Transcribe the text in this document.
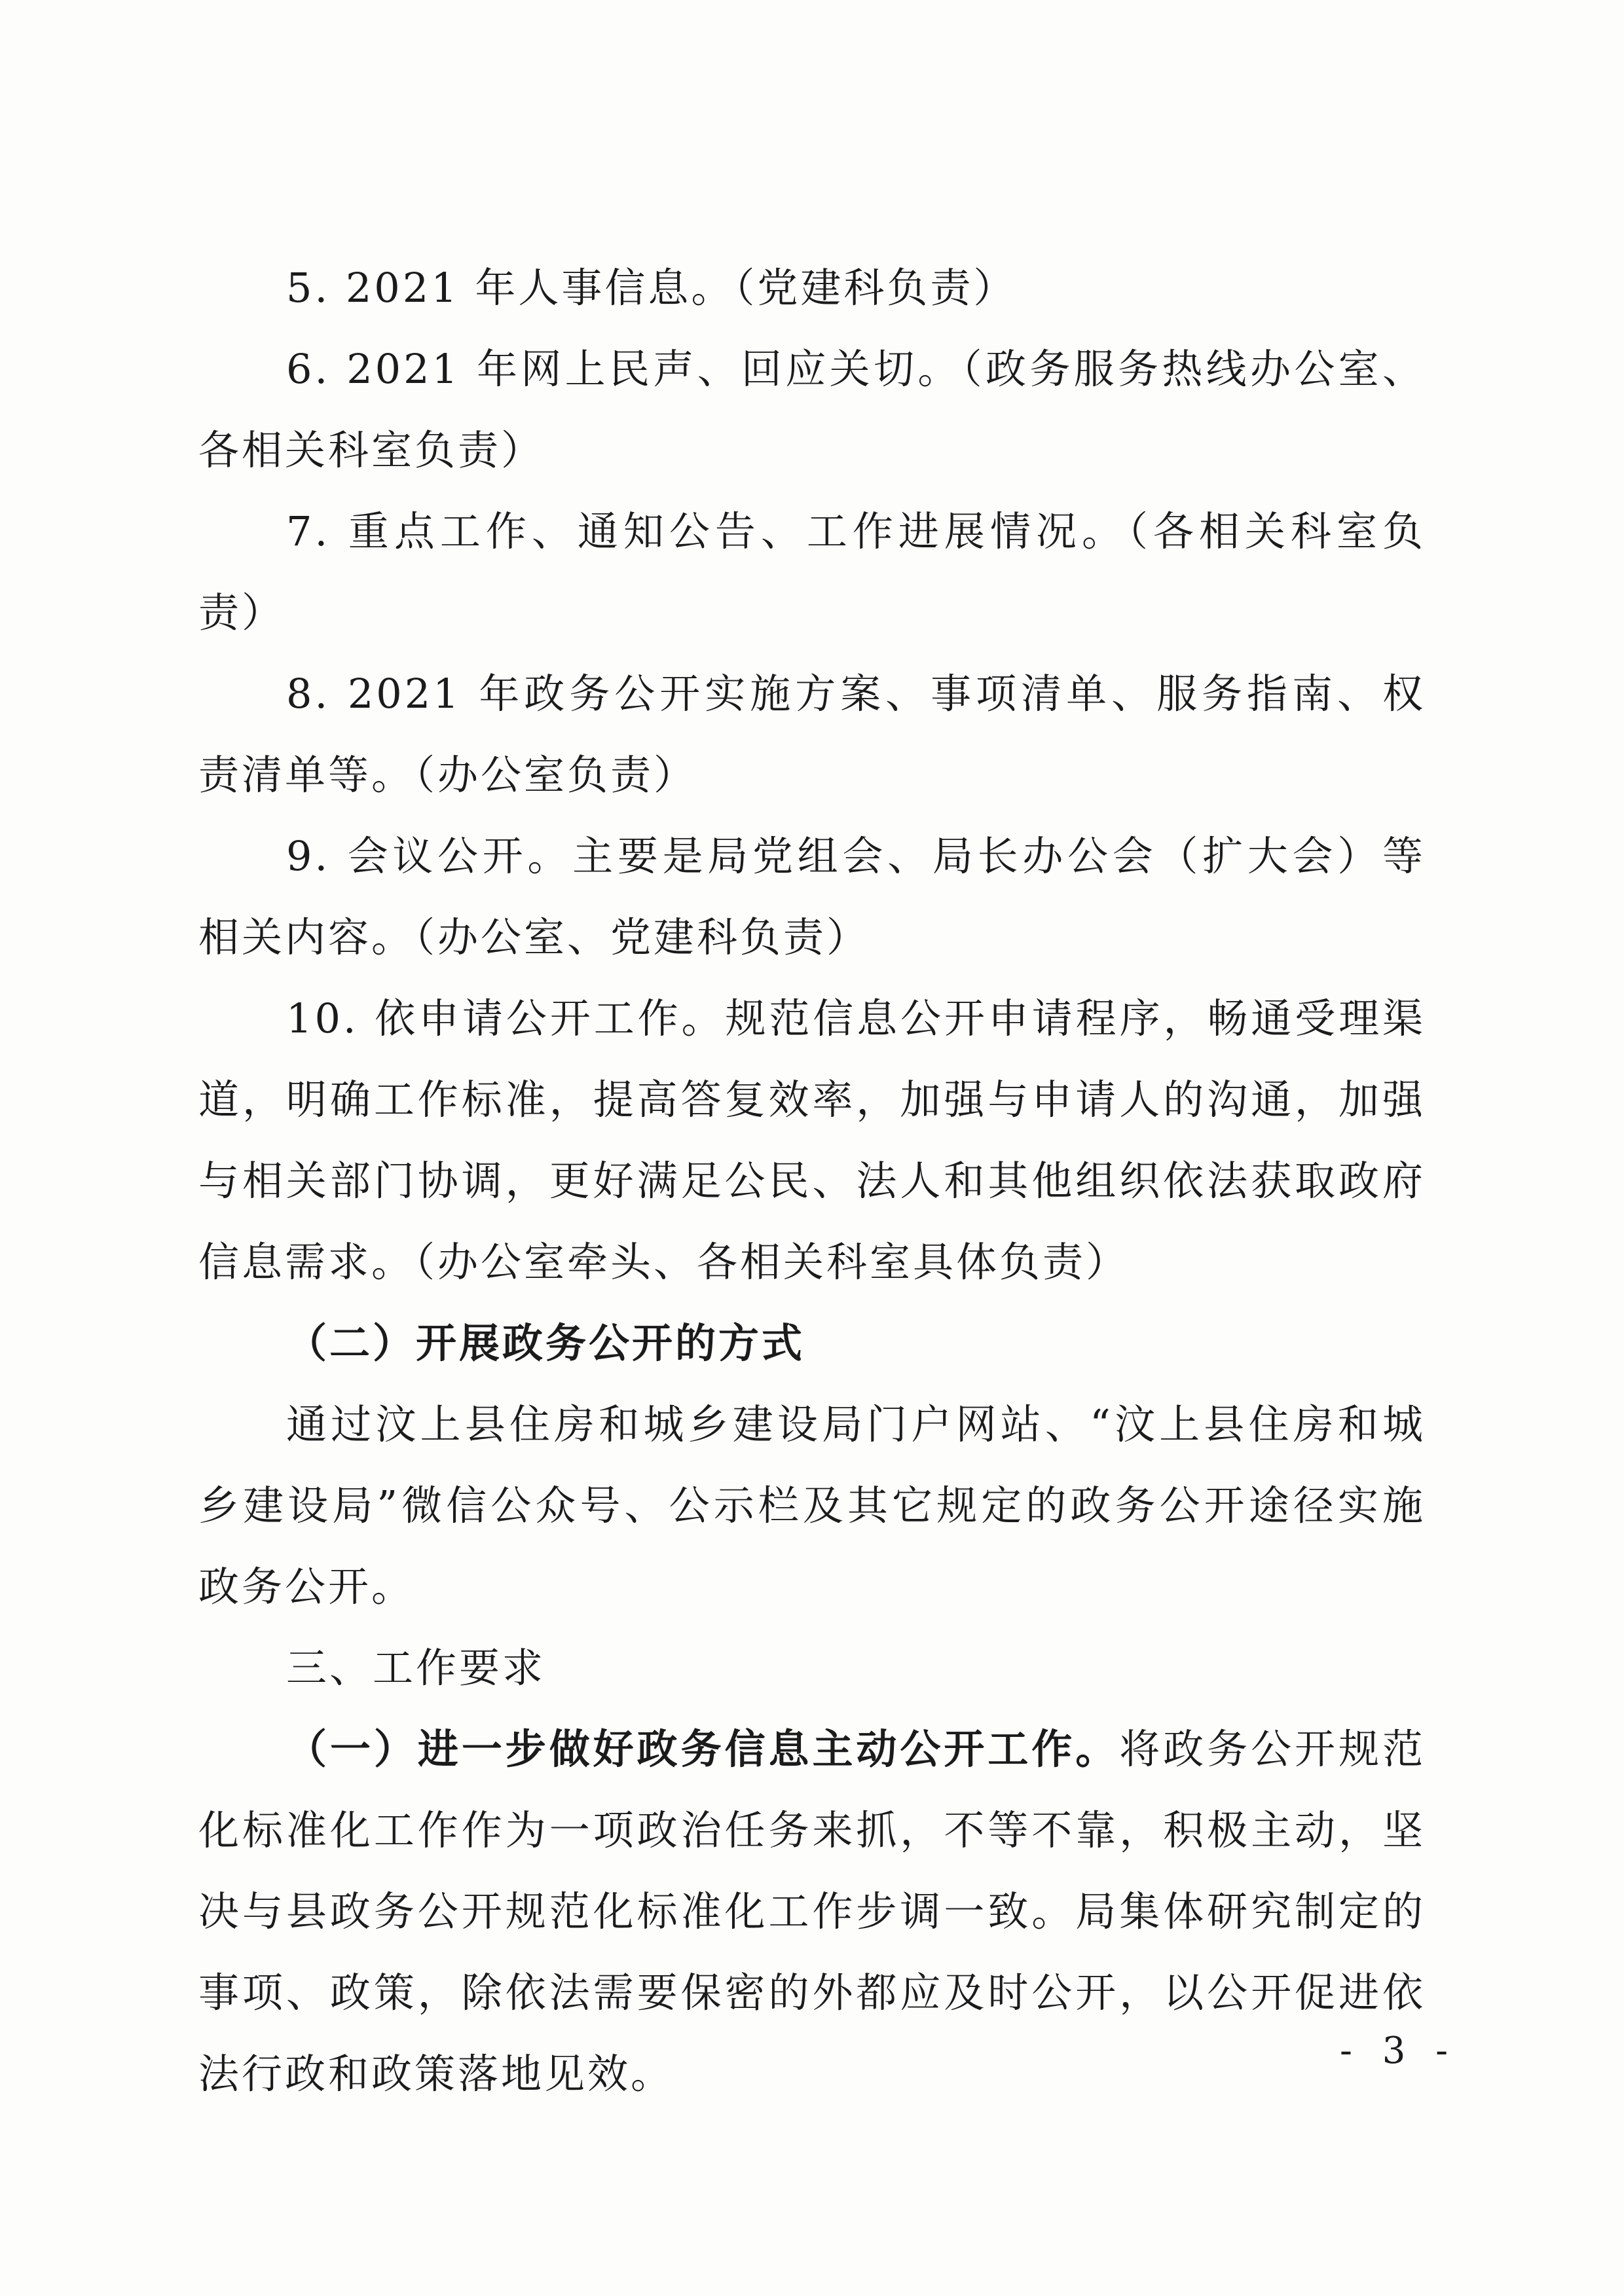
5. 2021 年人事信息。（党建科负责）

6. 2021 年网上民声、回应关切。（政务服务热线办公室、各相关科室负责）

7. 重点工作、通知公告、工作进展情况。（各相关科室负责）

8. 2021 年政务公开实施方案、事项清单、服务指南、权责清单等。（办公室负责）

9. 会议公开。主要是局党组会、局长办公会（扩大会）等相关内容。（办公室、党建科负责）

10. 依申请公开工作。规范信息公开申请程序，畅通受理渠道，明确工作标准，提高答复效率，加强与申请人的沟通，加强与相关部门协调，更好满足公民、法人和其他组织依法获取政府信息需求。（办公室牵头、各相关科室具体负责）

（二）开展政务公开的方式

通过汶上县住房和城乡建设局门户网站、“汶上县住房和城乡建设局”微信公众号、公示栏及其它规定的政务公开途径实施政务公开。

三、工作要求

（一）进一步做好政务信息主动公开工作。将政务公开规范化标准化工作作为一项政治任务来抓，不等不靠，积极主动，坚决与县政务公开规范化标准化工作步调一致。局集体研究制定的事项、政策，除依法需要保密的外都应及时公开，以公开促进依法行政和政策落地见效。	- 3 -
